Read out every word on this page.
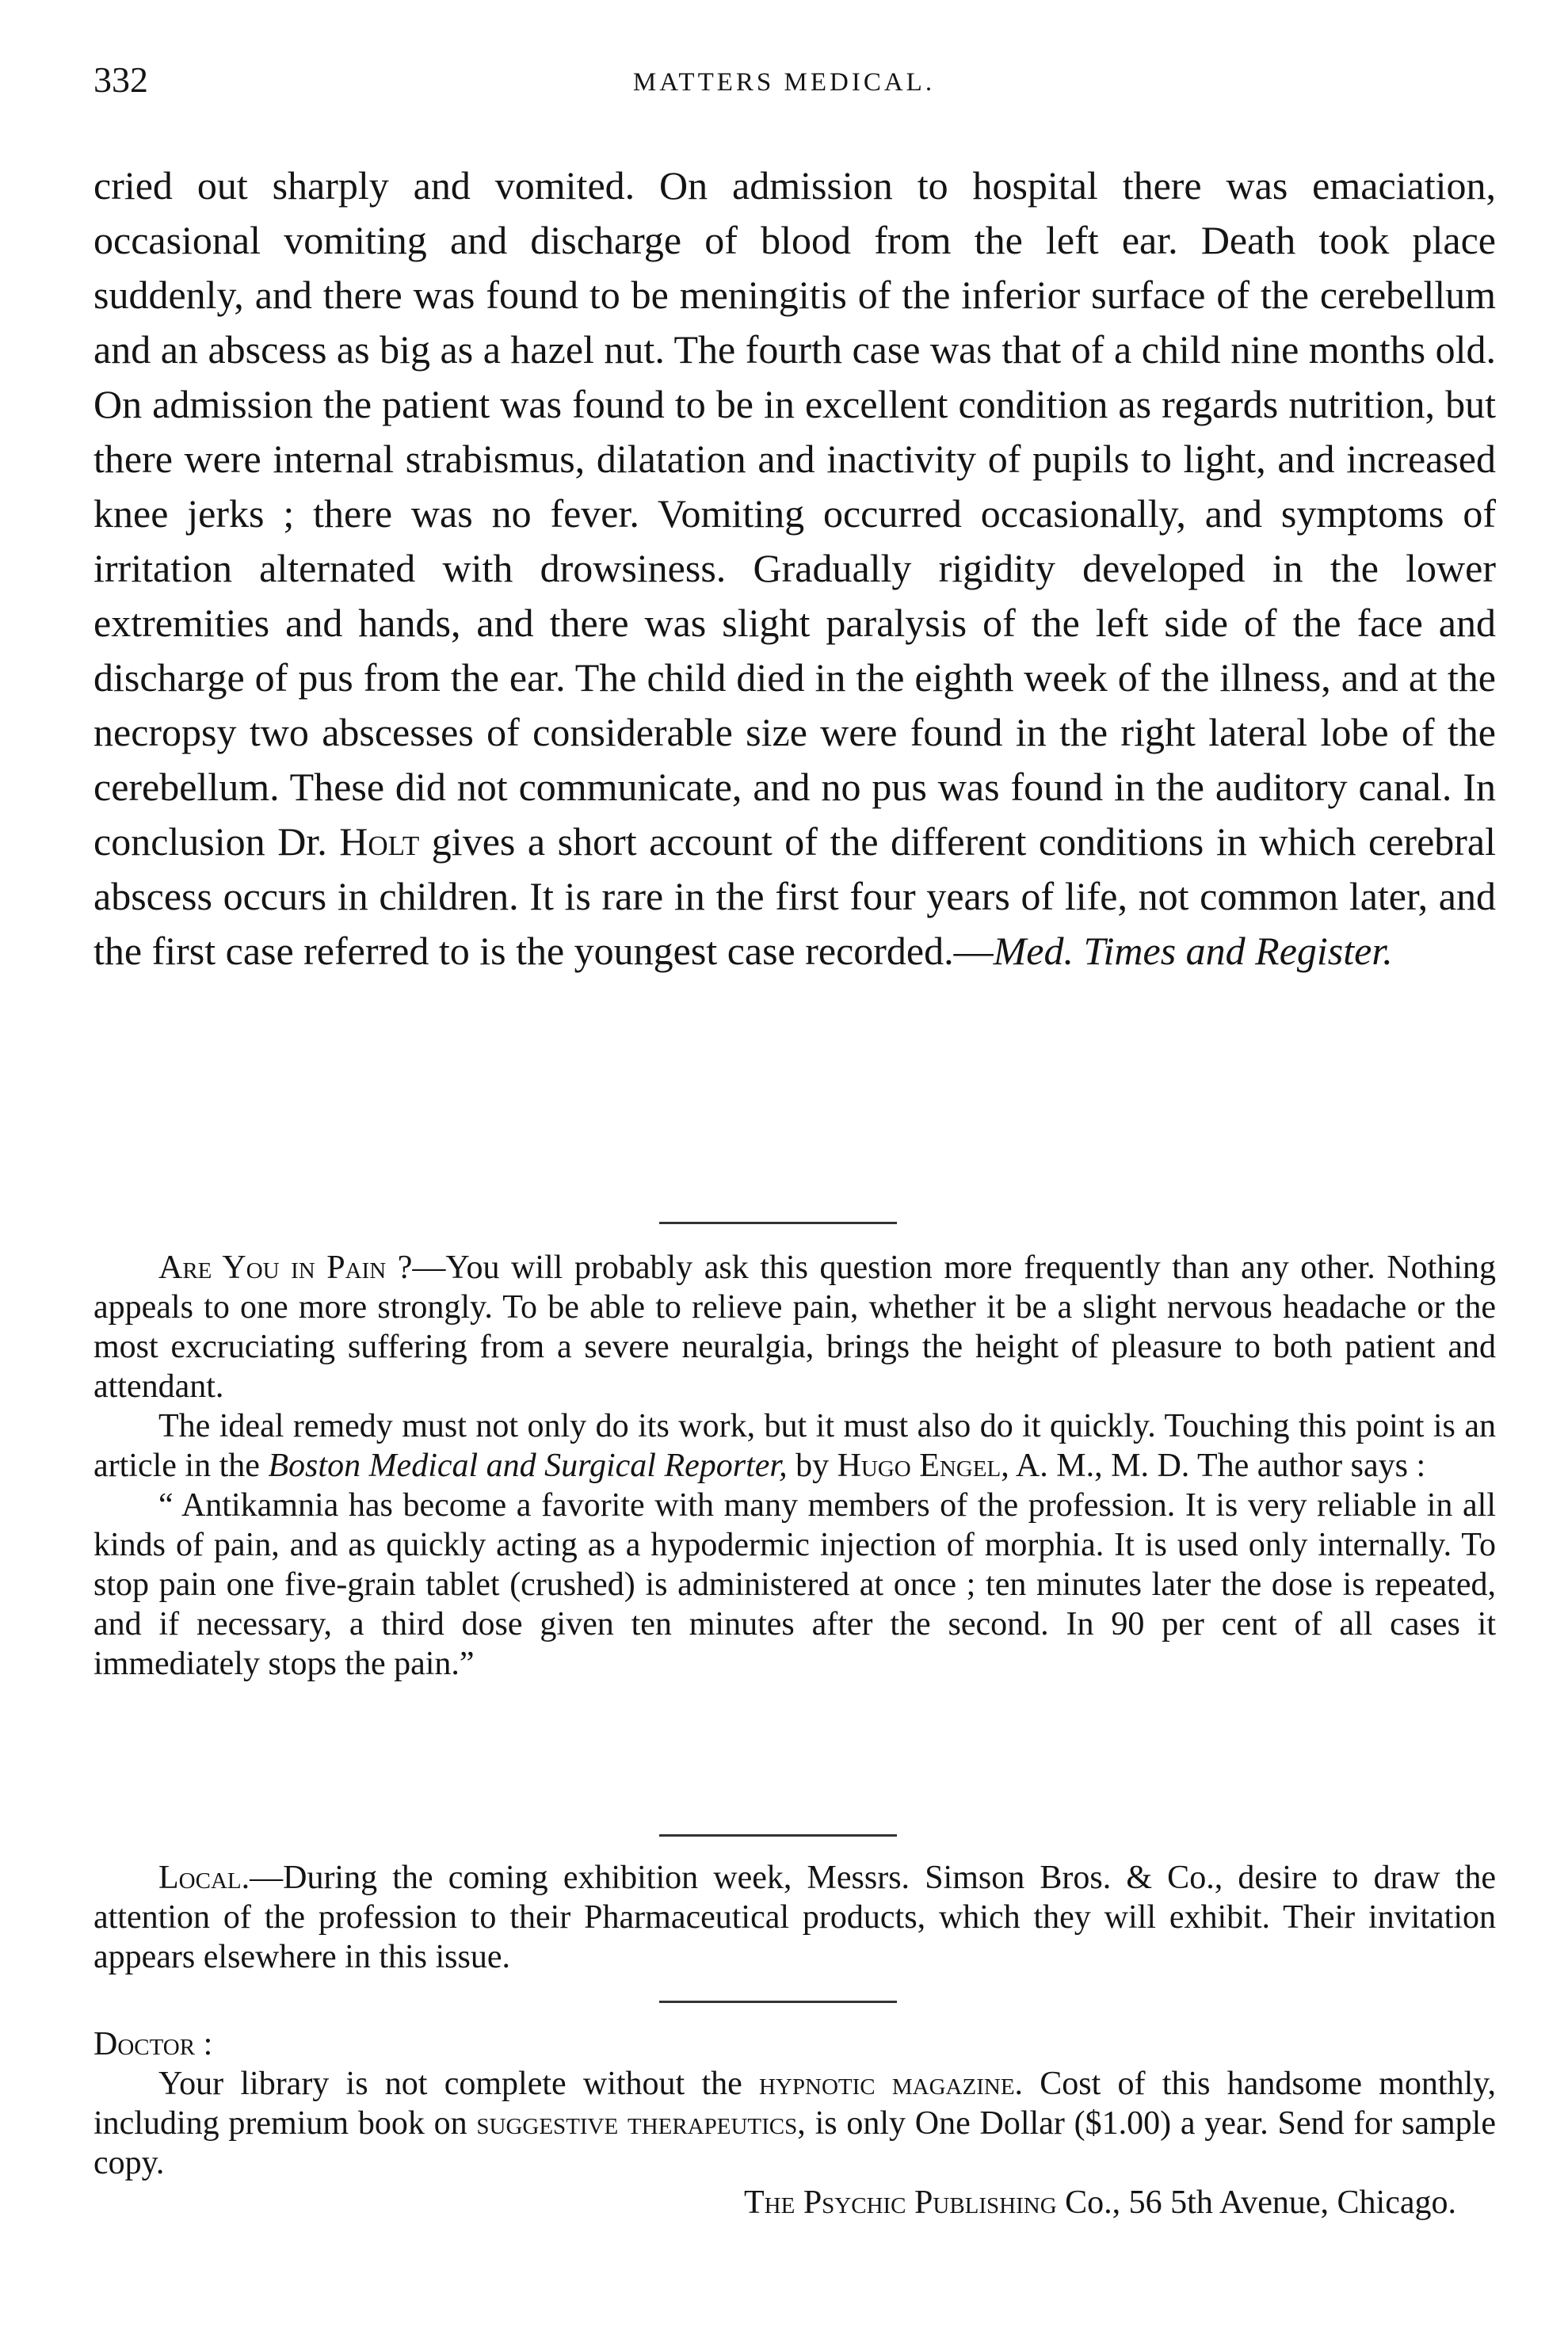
332	MATTERS MEDICAL.

cried out sharply and vomited. On admission to hospital there was emaciation, occasional vomiting and discharge of blood from the left ear. Death took place suddenly, and there was found to be meningitis of the inferior surface of the cerebellum and an abscess as big as a hazel nut. The fourth case was that of a child nine months old. On admission the patient was found to be in excellent condition as regards nutrition, but there were internal strabismus, dilatation and inactivity of pupils to light, and increased knee jerks ; there was no fever. Vomiting occurred occasionally, and symptoms of irritation alternated with drowsiness. Gradually rigidity developed in the lower extremities and hands, and there was slight paralysis of the left side of the face and discharge of pus from the ear. The child died in the eighth week of the illness, and at the necropsy two abscesses of considerable size were found in the right lateral lobe of the cerebellum. These did not communicate, and no pus was found in the auditory canal. In conclusion Dr. Holt gives a short account of the different conditions in which cerebral abscess occurs in children. It is rare in the first four years of life, not common later, and the first case referred to is the youngest case recorded.—Med. Times and Register.

Are You in Pain ?—You will probably ask this question more frequently than any other. Nothing appeals to one more strongly. To be able to relieve pain, whether it be a slight nervous headache or the most excruciating suffering from a severe neuralgia, brings the height of pleasure to both patient and attendant.

The ideal remedy must not only do its work, but it must also do it quickly. Touching this point is an article in the Boston Medical and Surgical Reporter, by Hugo Engel, A. M., M. D. The author says :

“ Antikamnia has become a favorite with many members of the profession. It is very reliable in all kinds of pain, and as quickly acting as a hypodermic injection of morphia. It is used only internally. To stop pain one five-grain tablet (crushed) is administered at once ; ten minutes later the dose is repeated, and if necessary, a third dose given ten minutes after the second. In 90 per cent of all cases it immediately stops the pain.”

Local.—During the coming exhibition week, Messrs. Simson Bros. & Co., desire to draw the attention of the profession to their Pharmaceutical products, which they will exhibit. Their invitation appears elsewhere in this issue.

Doctor :

Your library is not complete without the hypnotic magazine. Cost of this handsome monthly, including premium book on suggestive therapeutics, is only One Dollar ($1.00) a year. Send for sample copy.

The Psychic Publishing Co., 56 5th Avenue, Chicago.
